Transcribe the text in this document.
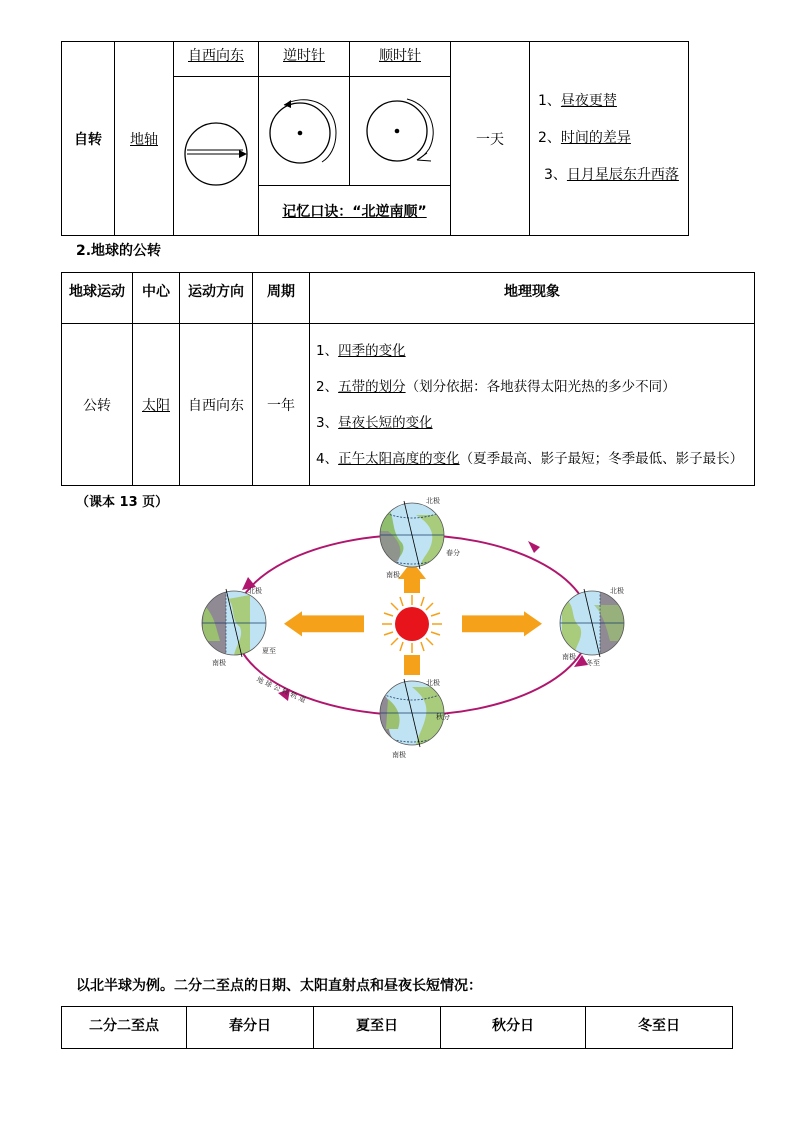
自转	地轴	自西向东	逆时针	顺时针	一天	1、昼夜更替
2、时间的差异
3、日月星辰东升西落

			记忆口诀：“北逆南顺”			
2.地球的公转
地球运动	中心	运动方向	周期	地理现象
公转	太阳	自西向东	一年	1、四季的变化
2、五带的划分（划分依据：各地获得太阳光热的多少不同）
3、昼夜长短的变化
4、正午太阳高度的变化（夏季最高、影子最短；冬季最低、影子最长）
（课本 13 页）	北极
南极
春分
北极
南极
夏至
北极
南极
冬至
北极
南极
秋分
地 球 公 转 轨 道
以北半球为例。二分二至点的日期、太阳直射点和昼夜长短情况：
二分二至点	春分日	夏至日	秋分日	冬至日
